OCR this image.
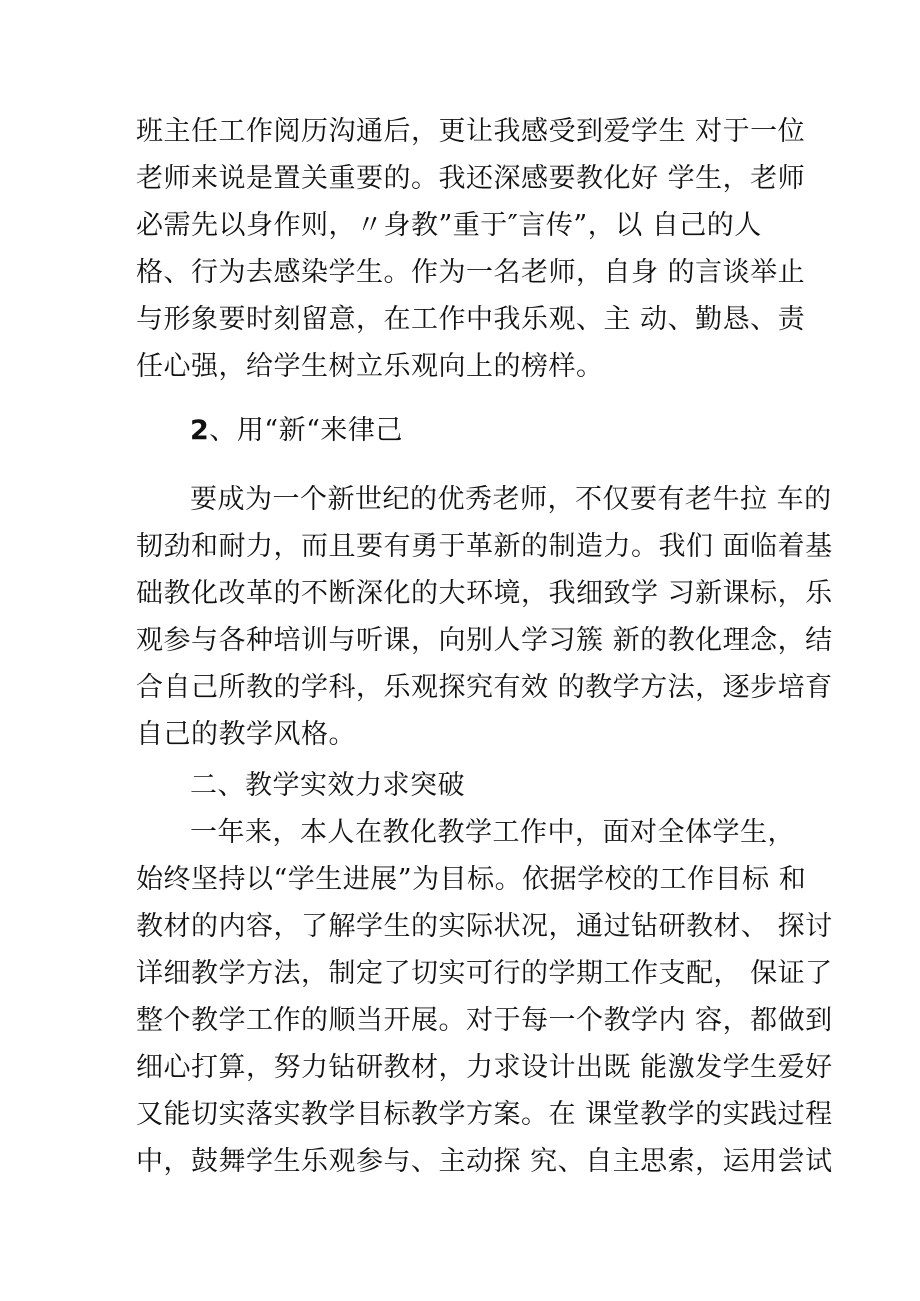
班主任工作阅历沟通后，更让我感受到爱学生 对于一位
老师来说是置关重要的。我还深感要教化好 学生，老师
必需先以身作则，〃身教”重于″言传”，以 自己的人
格、行为去感染学生。作为一名老师，自身 的言谈举止
与形象要时刻留意，在工作中我乐观、主 动、勤恳、责
任心强，给学生树立乐观向上的榜样。
2、用“新“来律己
要成为一个新世纪的优秀老师，不仅要有老牛拉 车的
韧劲和耐力，而且要有勇于革新的制造力。我们 面临着基
础教化改革的不断深化的大环境，我细致学 习新课标，乐
观参与各种培训与听课，向别人学习簇 新的教化理念，结
合自己所教的学科，乐观探究有效 的教学方法，逐步培育
自己的教学风格。
二、教学实效力求突破
一年来，本人在教化教学工作中，面对全体学生，
始终坚持以“学生进展”为目标。依据学校的工作目标 和
教材的内容，了解学生的实际状况，通过钻研教材、 探讨
详细教学方法，制定了切实可行的学期工作支配， 保证了
整个教学工作的顺当开展。对于每一个教学内 容，都做到
细心打算，努力钻研教材，力求设计出既 能激发学生爱好
又能切实落实教学目标教学方案。在 课堂教学的实践过程
中，鼓舞学生乐观参与、主动探 究、自主思索，运用尝试
